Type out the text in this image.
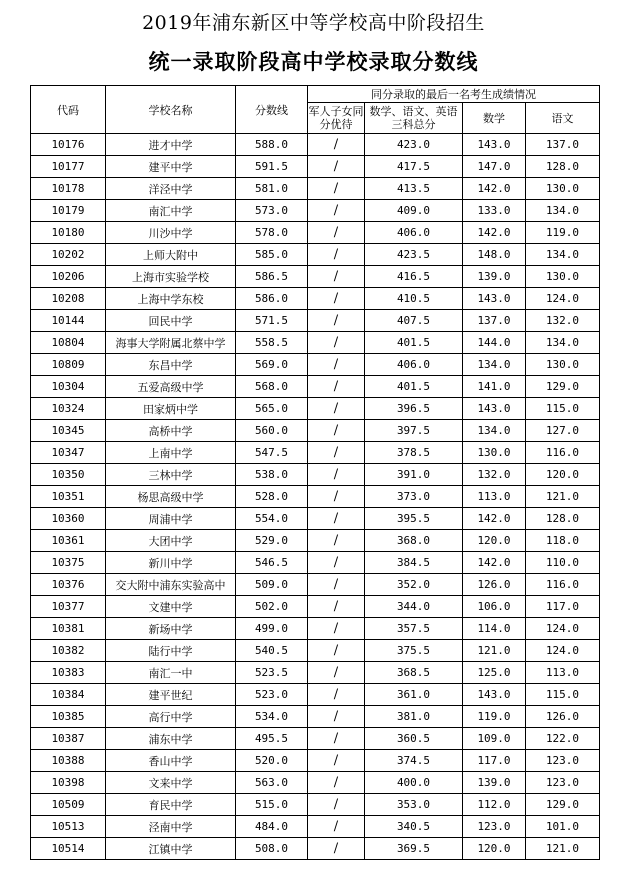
2019年浦东新区中等学校高中阶段招生
统一录取阶段高中学校录取分数线
代码	学校名称	分数线	同分录取的最后一名考生成绩情况			
			军人子女同分优待	数学、语文、英语三科总分	数学	语文
10176	进才中学	588.0	/	423.0	143.0	137.0
10177	建平中学	591.5	/	417.5	147.0	128.0
10178	洋泾中学	581.0	/	413.5	142.0	130.0
10179	南汇中学	573.0	/	409.0	133.0	134.0
10180	川沙中学	578.0	/	406.0	142.0	119.0
10202	上师大附中	585.0	/	423.5	148.0	134.0
10206	上海市实验学校	586.5	/	416.5	139.0	130.0
10208	上海中学东校	586.0	/	410.5	143.0	124.0
10144	回民中学	571.5	/	407.5	137.0	132.0
10804	海事大学附属北蔡中学	558.5	/	401.5	144.0	134.0
10809	东昌中学	569.0	/	406.0	134.0	130.0
10304	五爱高级中学	568.0	/	401.5	141.0	129.0
10324	田家炳中学	565.0	/	396.5	143.0	115.0
10345	高桥中学	560.0	/	397.5	134.0	127.0
10347	上南中学	547.5	/	378.5	130.0	116.0
10350	三林中学	538.0	/	391.0	132.0	120.0
10351	杨思高级中学	528.0	/	373.0	113.0	121.0
10360	周浦中学	554.0	/	395.5	142.0	128.0
10361	大团中学	529.0	/	368.0	120.0	118.0
10375	新川中学	546.5	/	384.5	142.0	110.0
10376	交大附中浦东实验高中	509.0	/	352.0	126.0	116.0
10377	文建中学	502.0	/	344.0	106.0	117.0
10381	新场中学	499.0	/	357.5	114.0	124.0
10382	陆行中学	540.5	/	375.5	121.0	124.0
10383	南汇一中	523.5	/	368.5	125.0	113.0
10384	建平世纪	523.0	/	361.0	143.0	115.0
10385	高行中学	534.0	/	381.0	119.0	126.0
10387	浦东中学	495.5	/	360.5	109.0	122.0
10388	香山中学	520.0	/	374.5	117.0	123.0
10398	文来中学	563.0	/	400.0	139.0	123.0
10509	育民中学	515.0	/	353.0	112.0	129.0
10513	泾南中学	484.0	/	340.5	123.0	101.0
10514	江镇中学	508.0	/	369.5	120.0	121.0
